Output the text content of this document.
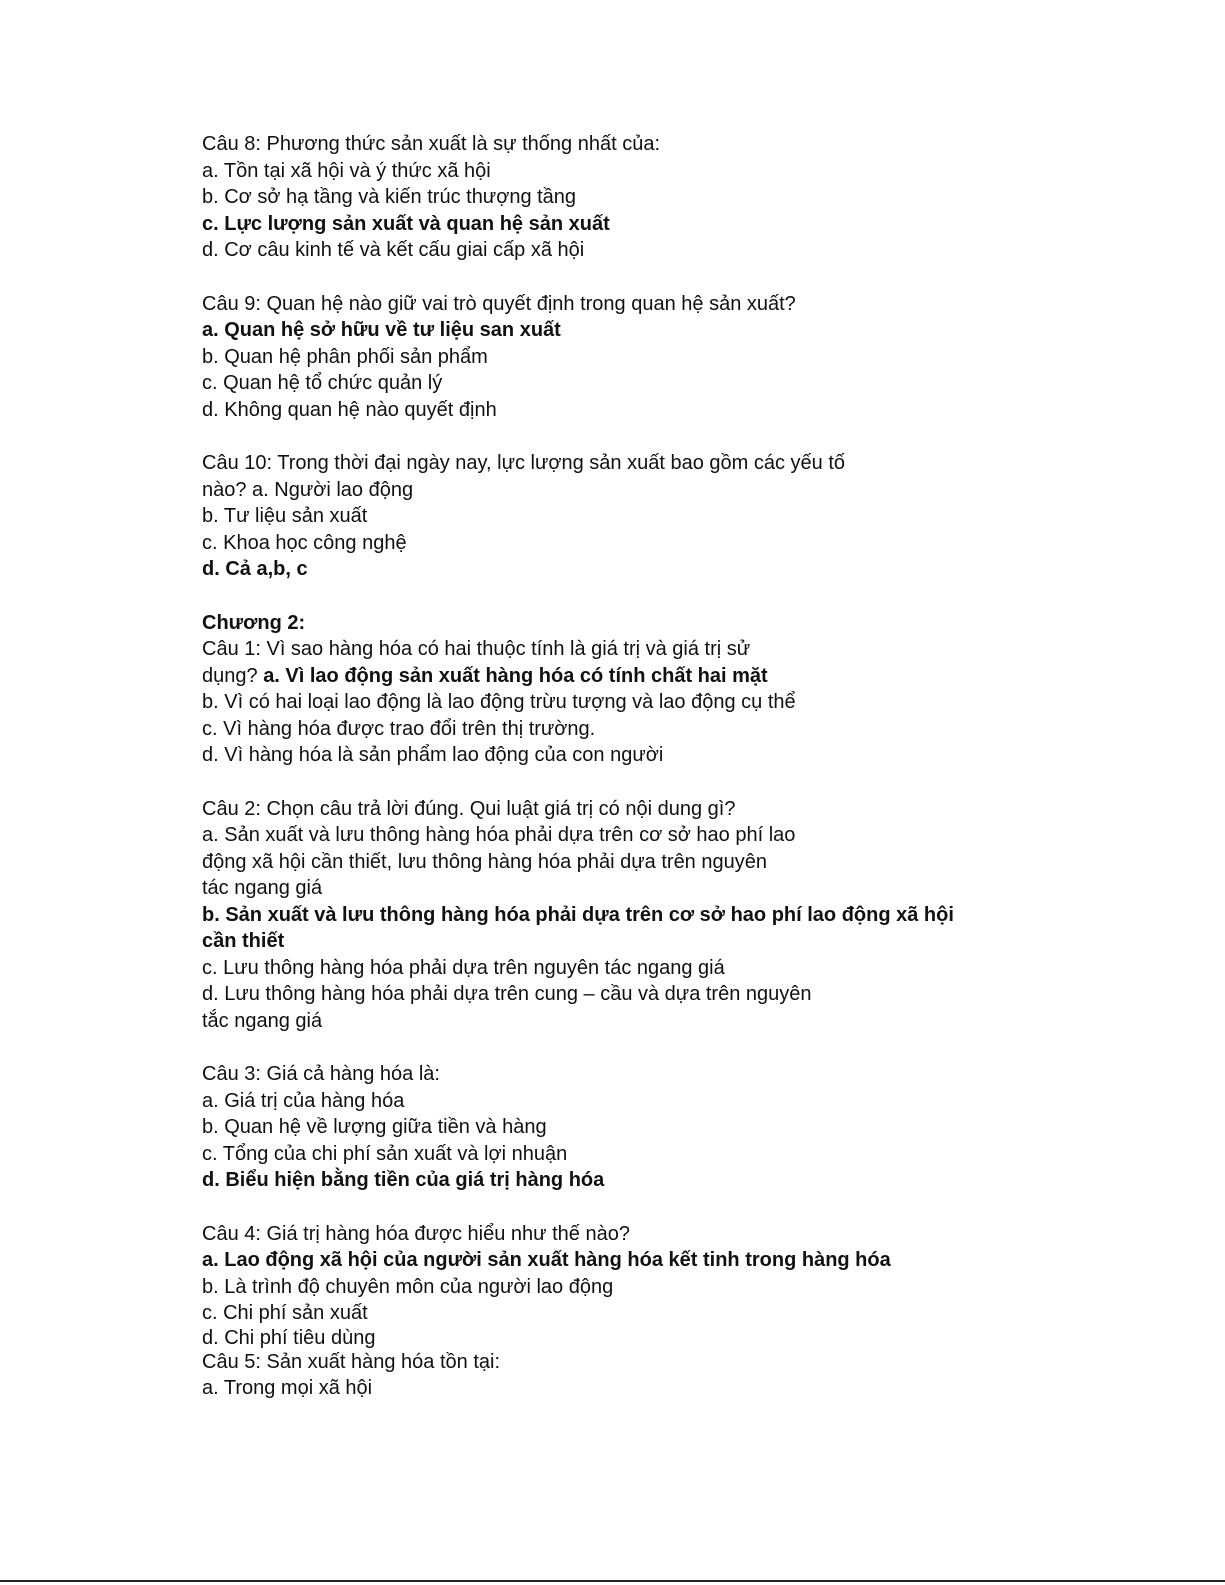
Câu 8: Phương thức sản xuất là sự thống nhất của:
a. Tồn tại xã hội và ý thức xã hội
b. Cơ sở hạ tầng và kiến trúc thượng tầng
c. Lực lượng sản xuất và quan hệ sản xuất
d. Cơ câu kinh tế và kết cấu giai cấp xã hội
Câu 9: Quan hệ nào giữ vai trò quyết định trong quan hệ sản xuất?
a. Quan hệ sở hữu về tư liệu san xuất
b. Quan hệ phân phối sản phẩm
c. Quan hệ tổ chức quản lý
d. Không quan hệ nào quyết định
Câu 10: Trong thời đại ngày nay, lực lượng sản xuất bao gồm các yếu tố
nào? a. Người lao động
b. Tư liệu sản xuất
c. Khoa học công nghệ
d. Cả a,b, c
Chương 2:
Câu 1: Vì sao hàng hóa có hai thuộc tính là giá trị và giá trị sử
dụng? a. Vì lao động sản xuất hàng hóa có tính chất hai mặt
b. Vì có hai loại lao động là lao động trừu tượng và lao động cụ thể
c. Vì hàng hóa được trao đổi trên thị trường.
d. Vì hàng hóa là sản phẩm lao động của con người
Câu 2: Chọn câu trả lời đúng. Qui luật giá trị có nội dung gì?
a. Sản xuất và lưu thông hàng hóa phải dựa trên cơ sở hao phí lao
động xã hội cần thiết, lưu thông hàng hóa phải dựa trên nguyên
tác ngang giá
b. Sản xuất và lưu thông hàng hóa phải dựa trên cơ sở hao phí lao động xã hội
cần thiết
c. Lưu thông hàng hóa phải dựa trên nguyên tác ngang giá
d. Lưu thông hàng hóa phải dựa trên cung – cầu và dựa trên nguyên
tắc ngang giá
Câu 3: Giá cả hàng hóa là:
a. Giá trị của hàng hóa
b. Quan hệ về lượng giữa tiền và hàng
c. Tổng của chi phí sản xuất và lợi nhuận
d. Biểu hiện bằng tiền của giá trị hàng hóa
Câu 4: Giá trị hàng hóa được hiểu như thế nào?
a. Lao động xã hội của người sản xuất hàng hóa kết tinh trong hàng hóa
b. Là trình độ chuyên môn của người lao động
c. Chi phí sản xuất
d. Chi phí tiêu dùng
Câu 5: Sản xuất hàng hóa tồn tại:
a. Trong mọi xã hội
